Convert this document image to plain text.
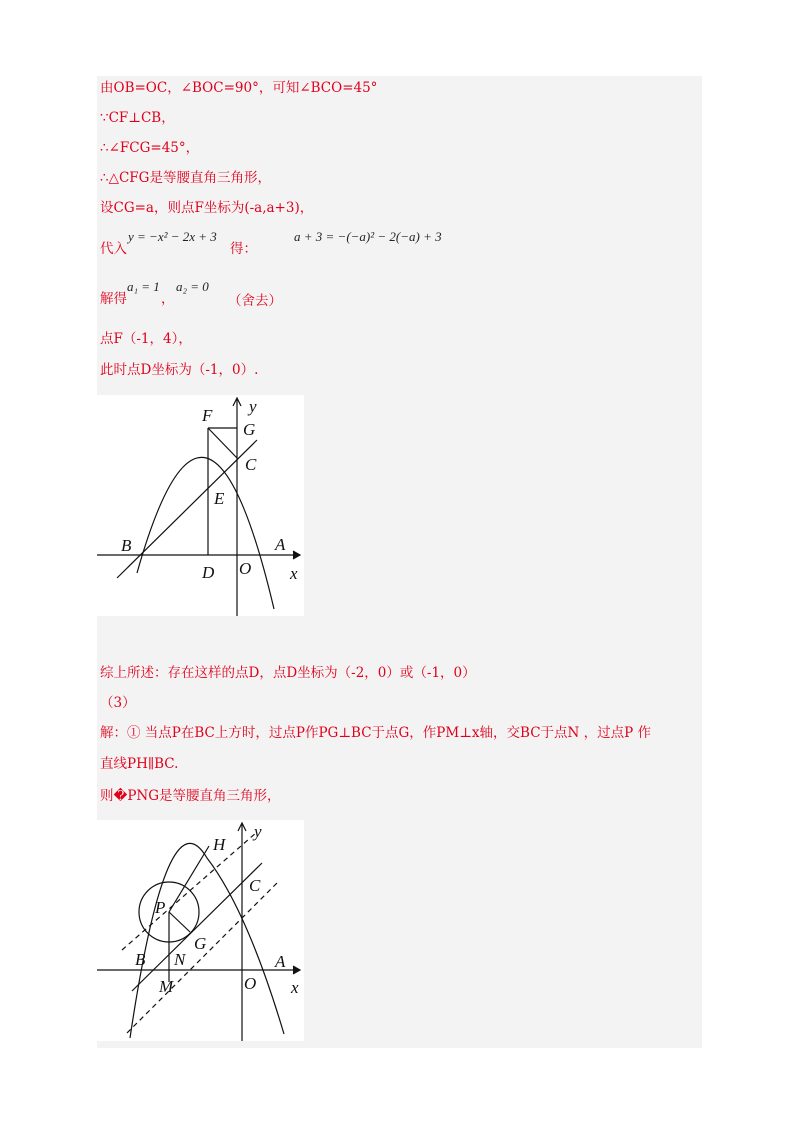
由OB=OC，∠BOC=90°，可知∠BCO=45°
∵CF⊥CB，
∴∠FCG=45°，
∴△CFG是等腰直角三角形，
设CG=a，则点F坐标为(-a,a+3)，
代入
y = −x² − 2x + 3
得：
a + 3 = −(−a)² − 2(−a) + 3
解得
a₁ = 1
，
a₂ = 0
（舍去）
点F（-1，4），
此时点D坐标为（-1，0）.
F y
G
C
E
B	A
D O x
综上所述：存在这样的点D，点D坐标为（-2，0）或（-1，0）
（3）
解：① 当点P在BC上方时，过点P作PG⊥BC于点G，作PM⊥x轴，交BC于点N ，过点P 作
直线PH∥BC.
则�PNG是等腰直角三角形，
H
y
C
P
G
B N	A
M	O x
